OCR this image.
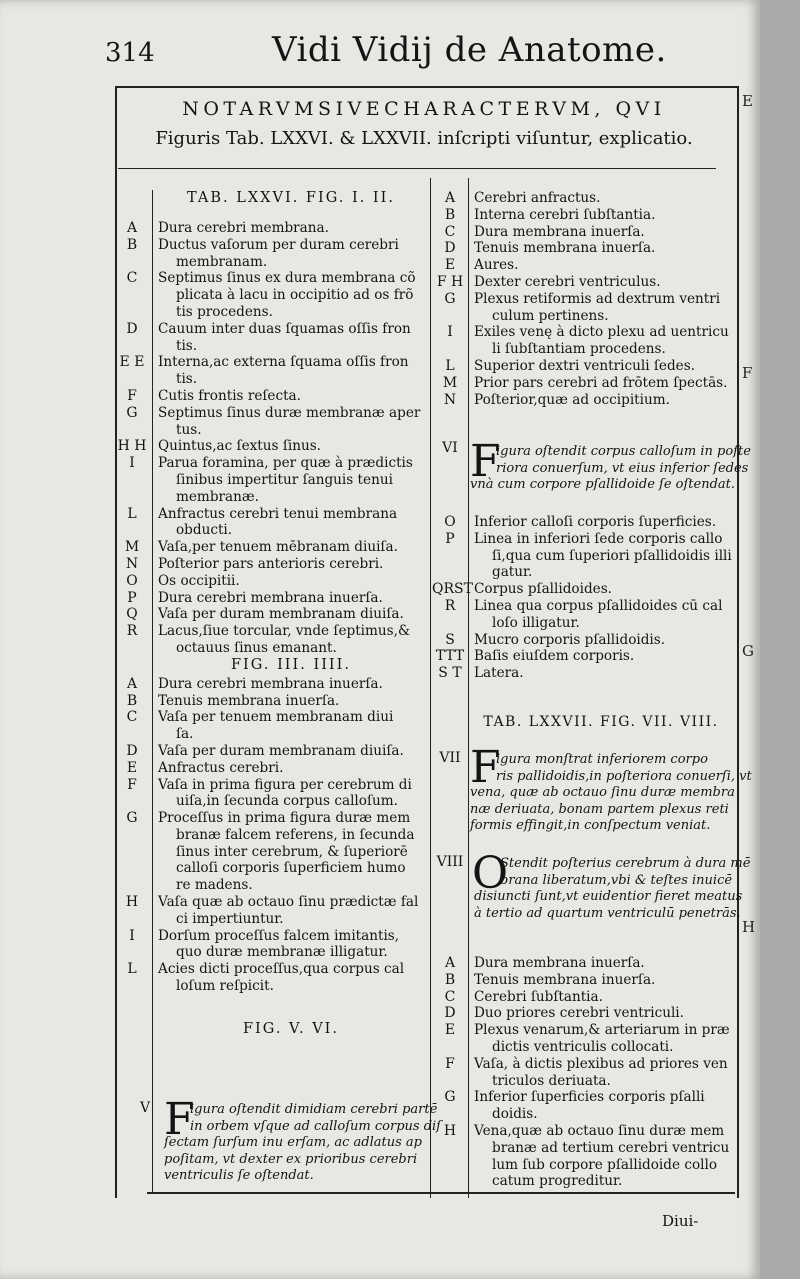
314	Vidi Vidij de Anatome.
NOTARVMSIVECHARACTERVM, QVI
Figuris Tab. LXXVI. & LXXVII. inſcripti viſuntur, explicatio.
E
F
G
H
TAB. LXXVI. FIG. I. II.
A	Dura cerebri membrana.
B	Ductus vaſorum per duram cerebri
membranam.
C	Septimus ſinus ex dura membrana cõ
plicata à lacu in occipitio ad os frõ
tis procedens.
D	Cauum inter duas ſquamas oſſis fron
tis.
E E Interna,ac externa ſquama oſſis fron
tis.
F	Cutis frontis reſecta.
G	Septimus ſinus duræ membranæ aper
tus.
H H Quintus,ac ſextus ſinus.
I	Parua foramina, per quæ à prædictis
ſinibus impertitur ſanguis tenui
membranæ.
L	Anfractus cerebri tenui membrana
obducti.
M	Vaſa,per tenuem mēbranam diuiſa.
N	Poſterior pars anterioris cerebri.
O	Os occipitii.
P	Dura cerebri membrana inuerſa.
Q	Vaſa per duram membranam diuiſa.
R	Lacus,ſiue torcular, vnde ſeptimus,&
octauus ſinus emanant.
FIG. III. IIII.
A	Dura cerebri membrana inuerſa.
B	Tenuis membrana inuerſa.
C	Vaſa per tenuem membranam diui
ſa.
D	Vaſa per duram membranam diuiſa.
E	Anfractus cerebri.
F	Vaſa in prima figura per cerebrum di
uiſa,in ſecunda corpus calloſum.
G	Proceſſus in prima figura duræ mem
branæ falcem referens, in ſecunda
ſinus inter cerebrum, & ſuperiorē
calloſi corporis ſuperficiem humo
re madens.
H	Vaſa quæ ab octauo ſinu prædictæ fal
ci impertiuntur.
I	Dorſum proceſſus falcem imitantis,
quo duræ membranæ illigatur.
L	Acies dicti proceſſus,qua corpus cal
loſum reſpicit.
FIG. V. VI.
V F
igura oſtendit dimidiam cerebri partē
in orbem vſque ad calloſum corpus diſ
ſectam ſurſum inu erſam, ac adlatus ap
poſitam, vt dexter ex prioribus cerebri
ventriculis ſe oſtendat.
A	Cerebri anfractus.
B	Interna cerebri ſubſtantia.
C	Dura membrana inuerſa.
D	Tenuis membrana inuerſa.
E	Aures.
F H Dexter cerebri ventriculus.
G	Plexus retiformis ad dextrum ventri
culum pertinens.
I	Exiles venę à dicto plexu ad uentricu
li ſubſtantiam procedens.
L	Superior dextri ventriculi ſedes.
M	Prior pars cerebri ad frōtem ſpectās.
N	Poſterior,quæ ad occipitium.
VI F
igura oſtendit corpus calloſum in poſte
riora conuerſum, vt eius inferior ſedes
vnà cum corpore pſallidoide ſe oſtendat.
O	Inferior calloſi corporis ſuperficies.
P	Linea in inferiori ſede corporis callo
ſi,qua cum ſuperiori pſallidoidis illi
gatur.
QRST Corpus pſallidoides.
R	Linea qua corpus pſallidoides cū cal
loſo illigatur.
S	Mucro corporis pſallidoidis.
TTT Baſis eiuſdem corporis.
S T Latera.
TAB. LXXVII. FIG. VII. VIII.
VII F
igura monſtrat inferiorem corpo
ris pallidoidis,in poſteriora conuerſi, vt
vena, quæ ab octauo ſinu duræ membra
næ deriuata, bonam partem plexus reti
formis effingit,in conſpectum veniat.
VIII O
Stendit poſterius cerebrum à dura mē
brana liberatum,vbi & teſtes inuicē
disiuncti ſunt,vt euidentior fieret meatus
à tertio ad quartum ventriculū penetrās.
A	Dura membrana inuerſa.
B	Tenuis membrana inuerſa.
C	Cerebri ſubſtantia.
D	Duo priores cerebri ventriculi.
E	Plexus venarum,& arteriarum in præ
dictis ventriculis collocati.
F	Vaſa, à dictis plexibus ad priores ven
triculos deriuata.
G	Inferior ſuperficies corporis pſalli
doidis.
H	Vena,quæ ab octauo ſinu duræ mem
branæ ad tertium cerebri ventricu
lum ſub corpore pſallidoide collo
catum progreditur.
Diui-
